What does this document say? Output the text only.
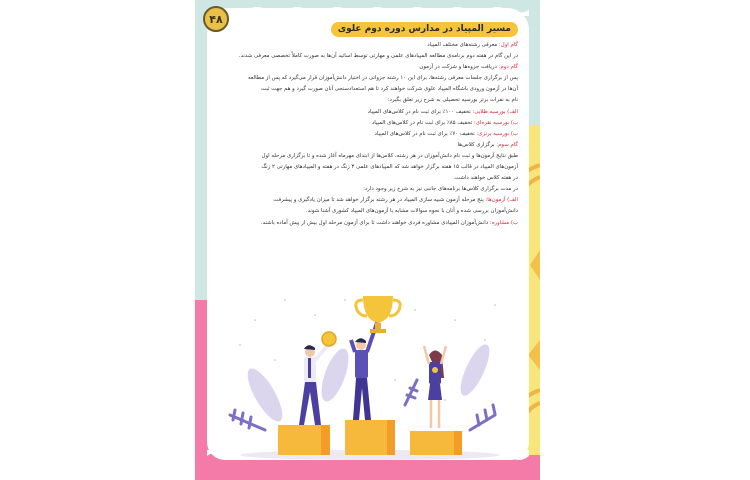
۴۸
مسیر المپیاد در مدارس دوره دوم علوی

گام اول: معرفی رشته‌های مختلف المپیاد

در این گام در هفته دوم برنامه‌ی مطالعه المپیادهای علمی و مهارتی توسط اساتید آن‌ها به صورت کاملاً تخصصی معرفی شدند.

گام دوم: دریافت جزوه‌ها و شرکت در آزمون

پس از برگزاری جلسات معرفی رشته‌ها، برای این ۱۰ رشته جزواتی در اختیار دانش‌آموزان قرار می‌گیرد که پس از مطالعه

آن‌ها در آزمون ورودی باشگاه المپیاد علوی شرکت خواهند کرد تا هم استعدادسنجی آنان صورت گیرد و هم جهت ثبت

نام به نفرات برتر بورسیه تحصیلی به شرح زیر تعلق بگیرد:

الف) بورسیه طلایی: تخفیف ۱۰۰٪ برای ثبت نام در کلاس‌های المپیاد

ب) بورسیه نقره‌ای: تخفیف ۸۵٪ برای ثبت نام در کلاس‌های المپیاد

ب) بورسیه برنزی: تخفیف ۷۰٪ برای ثبت نام در کلاس‌های المپیاد

گام سوم: برگزاری کلاس‌ها

طبق نتایج آزمون‌ها و ثبت نام دانش‌آموزان در هر رشته، کلاس‌ها از ابتدای مهرماه آغاز شده و تا برگزاری مرحله اول

آزمون‌های المپیاد در قالب ۱۵ هفته برگزار خواهد شد که المپیادهای علمی ۳ زنگ در هفته و المپیادهای مهارتی ۲ زنگ

در هفته کلاس خواهند داشت.

در مدت برگزاری کلاس‌ها برنامه‌های جانبی نیز به شرح زیر وجود دارد:

الف) آزمون‌ها: پنج مرحله آزمون شبیه سازی المپیاد در هر رشته برگزار خواهد شد تا میزان یادگیری و پیشرفت

دانش‌آموزان بررسی شده و آنان با نحوه سوالات مشابه با آزمون‌های المپیاد کشوری آشنا شوند.

ب) مشاوره: دانش‌آموزان المپیادی مشاوره فردی خواهند داشت تا برای آزمون مرحله اول بیش از پیش آماده باشند.
